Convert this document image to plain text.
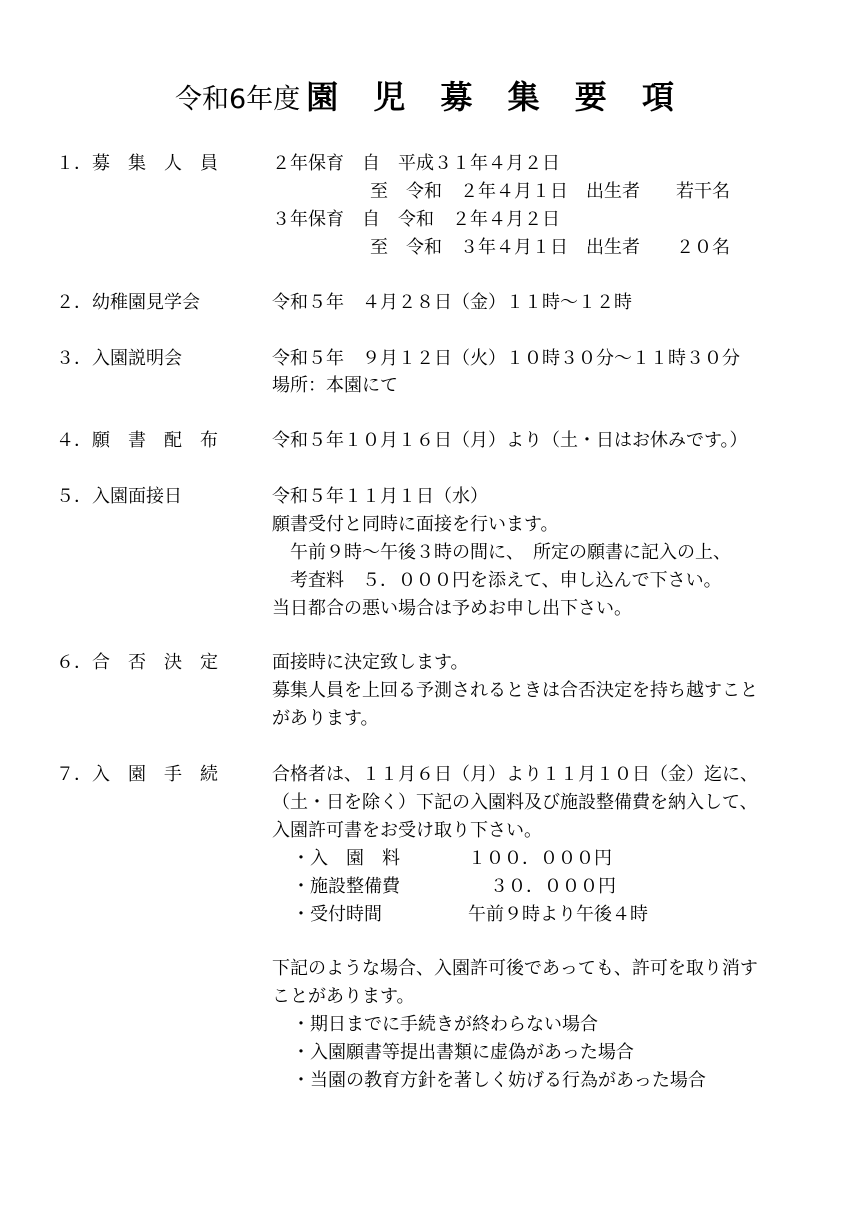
令和6年度 園 児 募 集 要 項
１．募　集　人　員	２年保育　自　平成３１年４月２日
至　令和　２年４月１日　出生者　　若干名
３年保育　自　令和　２年４月２日
至　令和　３年４月１日　出生者　　２０名
２．幼稚園見学会	令和５年　４月２８日（金）１１時～１２時
３．入園説明会	令和５年　９月１２日（火）１０時３０分～１１時３０分
場所：本園にて
４．願　書　配　布	令和５年１０月１６日（月）より（土・日はお休みです。）
５．入園面接日	令和５年１１月１日（水）
願書受付と同時に面接を行います。
午前９時～午後３時の間に、　所定の願書に記入の上、
考査料　５．０００円を添えて、申し込んで下さい。
当日都合の悪い場合は予めお申し出下さい。
６．合　否　決　定	面接時に決定致します。
募集人員を上回る予測されるときは合否決定を持ち越すこと
があります。
７．入　園　手　続	合格者は、１１月６日（月）より１１月１０日（金）迄に、
（土・日を除く）下記の入園料及び施設整備費を納入して、
入園許可書をお受け取り下さい。
・入　園　料	１００．０００円
・施設整備費	３０．０００円
・受付時間	午前９時より午後４時
下記のような場合、入園許可後であっても、許可を取り消す
ことがあります。
・期日までに手続きが終わらない場合
・入園願書等提出書類に虚偽があった場合
・当園の教育方針を著しく妨げる行為があった場合
